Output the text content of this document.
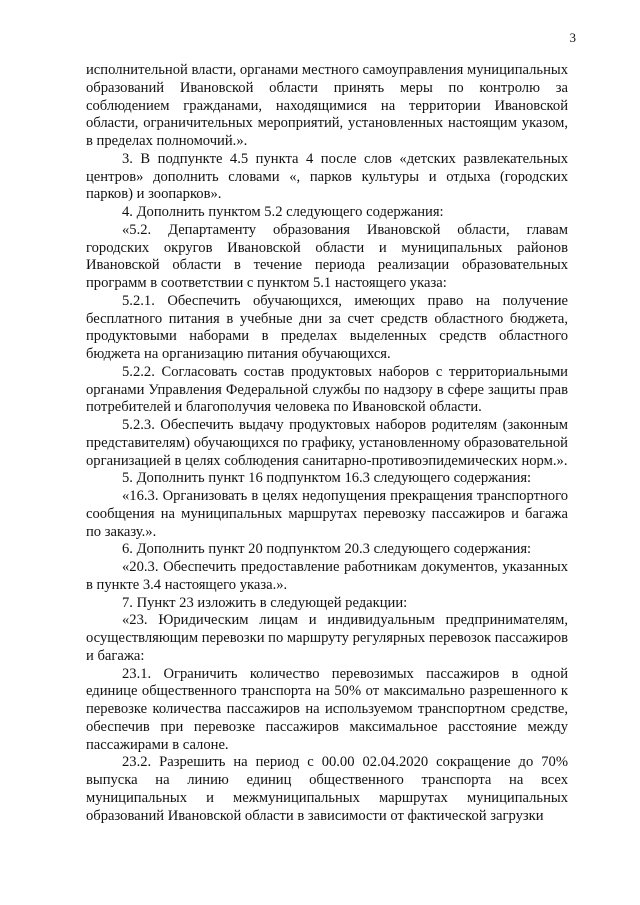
3

исполнительной власти, органами местного самоуправления муниципальных образований Ивановской области принять меры по контролю за соблюдением гражданами, находящимися на территории Ивановской области, ограничительных мероприятий, установленных настоящим указом, в пределах полномочий.».

3. В подпункте 4.5 пункта 4 после слов «детских развлекательных центров» дополнить словами «, парков культуры и отдыха (городских парков) и зоопарков».

4. Дополнить пунктом 5.2 следующего содержания:

«5.2. Департаменту образования Ивановской области, главам городских округов Ивановской области и муниципальных районов Ивановской области в течение периода реализации образовательных программ в соответствии с пунктом 5.1 настоящего указа:

5.2.1. Обеспечить обучающихся, имеющих право на получение бесплатного питания в учебные дни за счет средств областного бюджета, продуктовыми наборами в пределах выделенных средств областного бюджета на организацию питания обучающихся.

5.2.2. Согласовать состав продуктовых наборов с территориальными органами Управления Федеральной службы по надзору в сфере защиты прав потребителей и благополучия человека по Ивановской области.

5.2.3. Обеспечить выдачу продуктовых наборов родителям (законным представителям) обучающихся по графику, установленному образовательной организацией в целях соблюдения санитарно-противоэпидемических норм.».

5. Дополнить пункт 16 подпунктом 16.3 следующего содержания:

«16.3. Организовать в целях недопущения прекращения транспортного сообщения на муниципальных маршрутах перевозку пассажиров и багажа по заказу.».

6. Дополнить пункт 20 подпунктом 20.3 следующего содержания:

«20.3. Обеспечить предоставление работникам документов, указанных в пункте 3.4 настоящего указа.».

7. Пункт 23 изложить в следующей редакции:

«23. Юридическим лицам и индивидуальным предпринимателям, осуществляющим перевозки по маршруту регулярных перевозок пассажиров и багажа:

23.1. Ограничить количество перевозимых пассажиров в одной единице общественного транспорта на 50% от максимально разрешенного к перевозке количества пассажиров на используемом транспортном средстве, обеспечив при перевозке пассажиров максимальное расстояние между пассажирами в салоне.

23.2. Разрешить на период с 00.00 02.04.2020 сокращение до 70% выпуска на линию единиц общественного транспорта на всех муниципальных и межмуниципальных маршрутах муниципальных образований Ивановской области в зависимости от фактической загрузки
